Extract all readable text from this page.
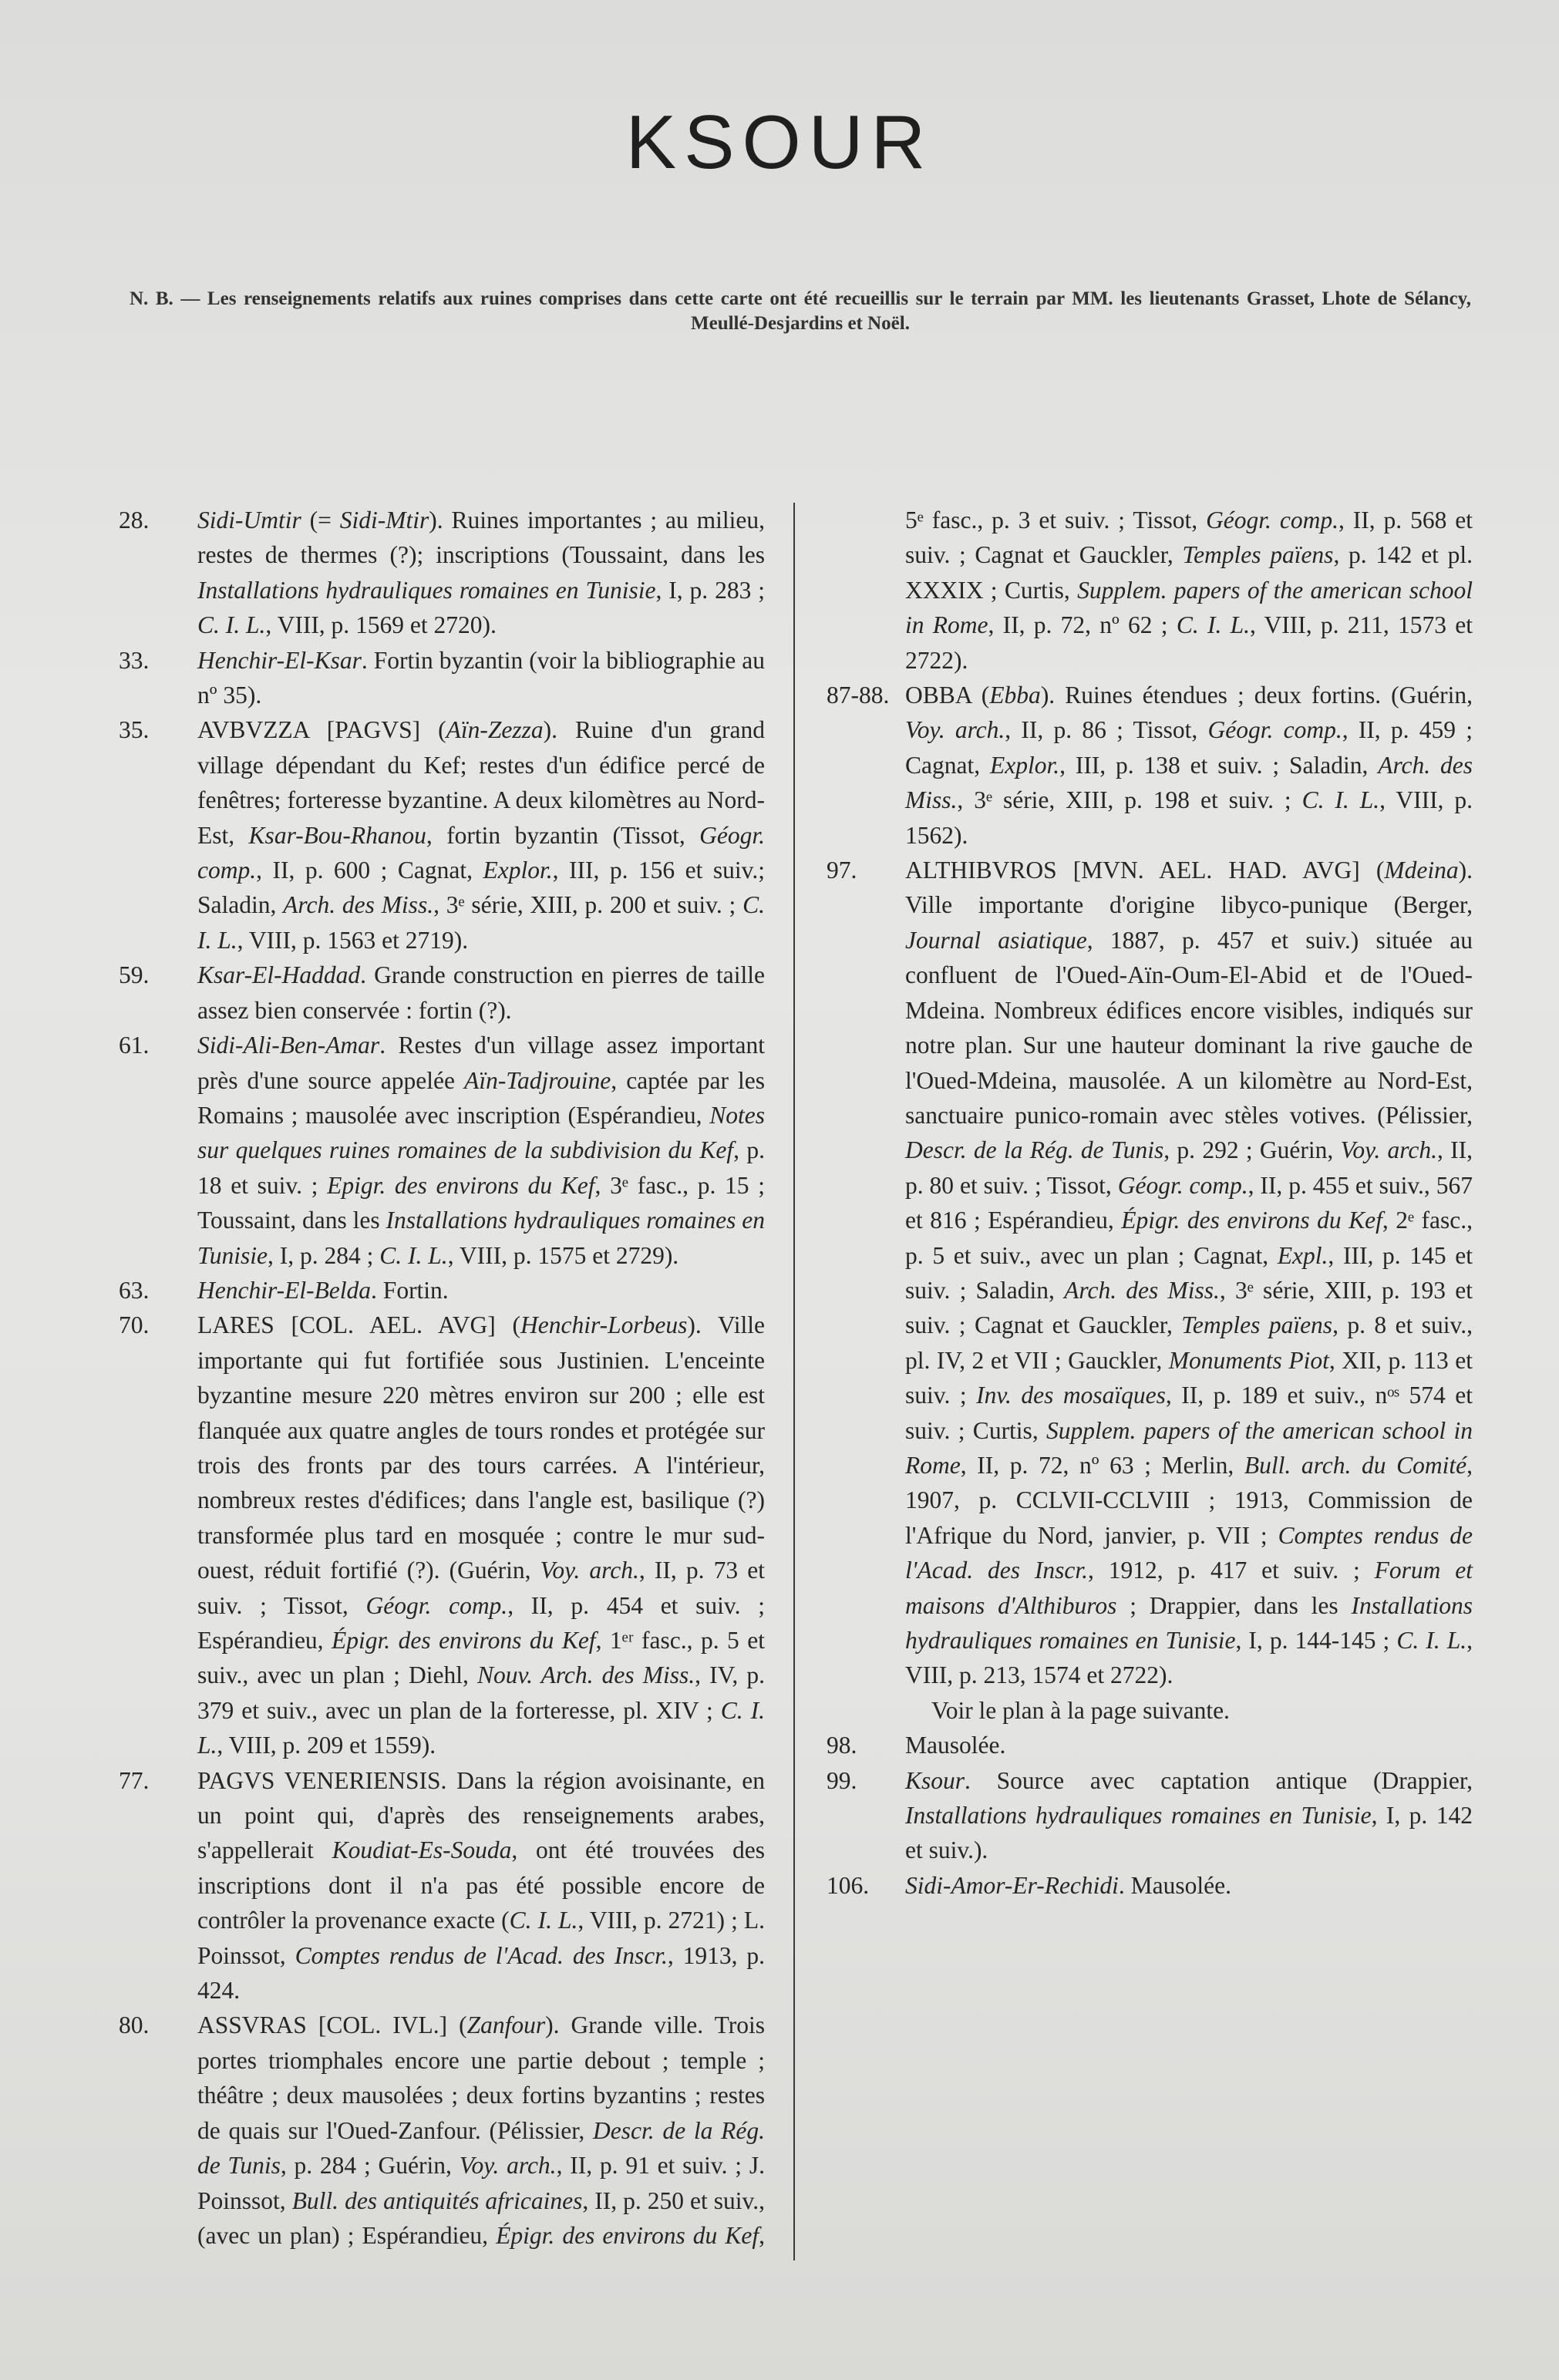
KSOUR
N. B. — Les renseignements relatifs aux ruines comprises dans cette carte ont été recueillis sur le terrain par MM. les lieutenants Grasset, Lhote de Sélancy, Meullé-Desjardins et Noël.
28. Sidi-Umtir (= Sidi-Mtir). Ruines importantes ; au milieu, restes de thermes (?); inscriptions (Toussaint, dans les Installations hydrauliques romaines en Tunisie, I, p. 283 ; C. I. L., VIII, p. 1569 et 2720).
33. Henchir-El-Ksar. Fortin byzantin (voir la bibliographie au nº 35).
35. AVBVZZA [PAGVS] (Aïn-Zezza). Ruine d'un grand village dépendant du Kef; restes d'un édifice percé de fenêtres; forteresse byzantine. A deux kilomètres au Nord-Est, Ksar-Bou-Rhanou, fortin byzantin (Tissot, Géogr. comp., II, p. 600 ; Cagnat, Explor., III, p. 156 et suiv.; Saladin, Arch. des Miss., 3ᵉ série, XIII, p. 200 et suiv. ; C. I. L., VIII, p. 1563 et 2719).
59. Ksar-El-Haddad. Grande construction en pierres de taille assez bien conservée : fortin (?).
61. Sidi-Ali-Ben-Amar. Restes d'un village assez important près d'une source appelée Aïn-Tadjrouine, captée par les Romains ; mausolée avec inscription (Espérandieu, Notes sur quelques ruines romaines de la subdivision du Kef, p. 18 et suiv. ; Epigr. des environs du Kef, 3ᵉ fasc., p. 15 ; Toussaint, dans les Installations hydrauliques romaines en Tunisie, I, p. 284 ; C. I. L., VIII, p. 1575 et 2729).
63. Henchir-El-Belda. Fortin.
70. LARES [COL. AEL. AVG] (Henchir-Lorbeus). Ville importante qui fut fortifiée sous Justinien. L'enceinte byzantine mesure 220 mètres environ sur 200 ; elle est flanquée aux quatre angles de tours rondes et protégée sur trois des fronts par des tours carrées. A l'intérieur, nombreux restes d'édifices; dans l'angle est, basilique (?) transformée plus tard en mosquée ; contre le mur sud-ouest, réduit fortifié (?). (Guérin, Voy. arch., II, p. 73 et suiv. ; Tissot, Géogr. comp., II, p. 454 et suiv. ; Espérandieu, Épigr. des environs du Kef, 1ᵉʳ fasc., p. 5 et suiv., avec un plan ; Diehl, Nouv. Arch. des Miss., IV, p. 379 et suiv., avec un plan de la forteresse, pl. XIV ; C. I. L., VIII, p. 209 et 1559).
77. PAGVS VENERIENSIS. Dans la région avoisinante, en un point qui, d'après des renseignements arabes, s'appellerait Koudiat-Es-Souda, ont été trouvées des inscriptions dont il n'a pas été possible encore de contrôler la provenance exacte (C. I. L., VIII, p. 2721) ; L. Poinssot, Comptes rendus de l'Acad. des Inscr., 1913, p. 424.
80. ASSVRAS [COL. IVL.] (Zanfour). Grande ville. Trois portes triomphales encore une partie debout ; temple ; théâtre ; deux mausolées ; deux fortins byzantins ; restes de quais sur l'Oued-Zanfour. (Pélissier, Descr. de la Rég. de Tunis, p. 284 ; Guérin, Voy. arch., II, p. 91 et suiv. ; J. Poinssot, Bull. des antiquités africaines, II, p. 250 et suiv., (avec un plan) ; Espérandieu, Épigr. des environs du Kef, 5ᵉ fasc., p. 3 et suiv. ; Tissot, Géogr. comp., II, p. 568 et suiv. ; Cagnat et Gauckler, Temples païens, p. 142 et pl. XXXIX ; Curtis, Supplem. papers of the american school in Rome, II, p. 72, nº 62 ; C. I. L., VIII, p. 211, 1573 et 2722).
87-88. OBBA (Ebba). Ruines étendues ; deux fortins. (Guérin, Voy. arch., II, p. 86 ; Tissot, Géogr. comp., II, p. 459 ; Cagnat, Explor., III, p. 138 et suiv. ; Saladin, Arch. des Miss., 3ᵉ série, XIII, p. 198 et suiv. ; C. I. L., VIII, p. 1562).
97. ALTHIBVROS [MVN. AEL. HAD. AVG] (Mdeina). Ville importante d'origine libyco-punique (Berger, Journal asiatique, 1887, p. 457 et suiv.) située au confluent de l'Oued-Aïn-Oum-El-Abid et de l'Oued-Mdeina. Nombreux édifices encore visibles, indiqués sur notre plan. Sur une hauteur dominant la rive gauche de l'Oued-Mdeina, mausolée. A un kilomètre au Nord-Est, sanctuaire punico-romain avec stèles votives. (Pélissier, Descr. de la Rég. de Tunis, p. 292 ; Guérin, Voy. arch., II, p. 80 et suiv. ; Tissot, Géogr. comp., II, p. 455 et suiv., 567 et 816 ; Espérandieu, Épigr. des environs du Kef, 2ᵉ fasc., p. 5 et suiv., avec un plan ; Cagnat, Expl., III, p. 145 et suiv. ; Saladin, Arch. des Miss., 3ᵉ série, XIII, p. 193 et suiv. ; Cagnat et Gauckler, Temples païens, p. 8 et suiv., pl. IV, 2 et VII ; Gauckler, Monuments Piot, XII, p. 113 et suiv. ; Inv. des mosaïques, II, p. 189 et suiv., nᵒˢ 574 et suiv. ; Curtis, Supplem. papers of the american school in Rome, II, p. 72, nº 63 ; Merlin, Bull. arch. du Comité, 1907, p. CCLVII-CCLVIII ; 1913, Commission de l'Afrique du Nord, janvier, p. VII ; Comptes rendus de l'Acad. des Inscr., 1912, p. 417 et suiv. ; Forum et maisons d'Althiburos ; Drappier, dans les Installations hydrauliques romaines en Tunisie, I, p. 144-145 ; C. I. L., VIII, p. 213, 1574 et 2722).
Voir le plan à la page suivante.
98. Mausolée.
99. Ksour. Source avec captation antique (Drappier, Installations hydrauliques romaines en Tunisie, I, p. 142 et suiv.).
106. Sidi-Amor-Er-Rechidi. Mausolée.
